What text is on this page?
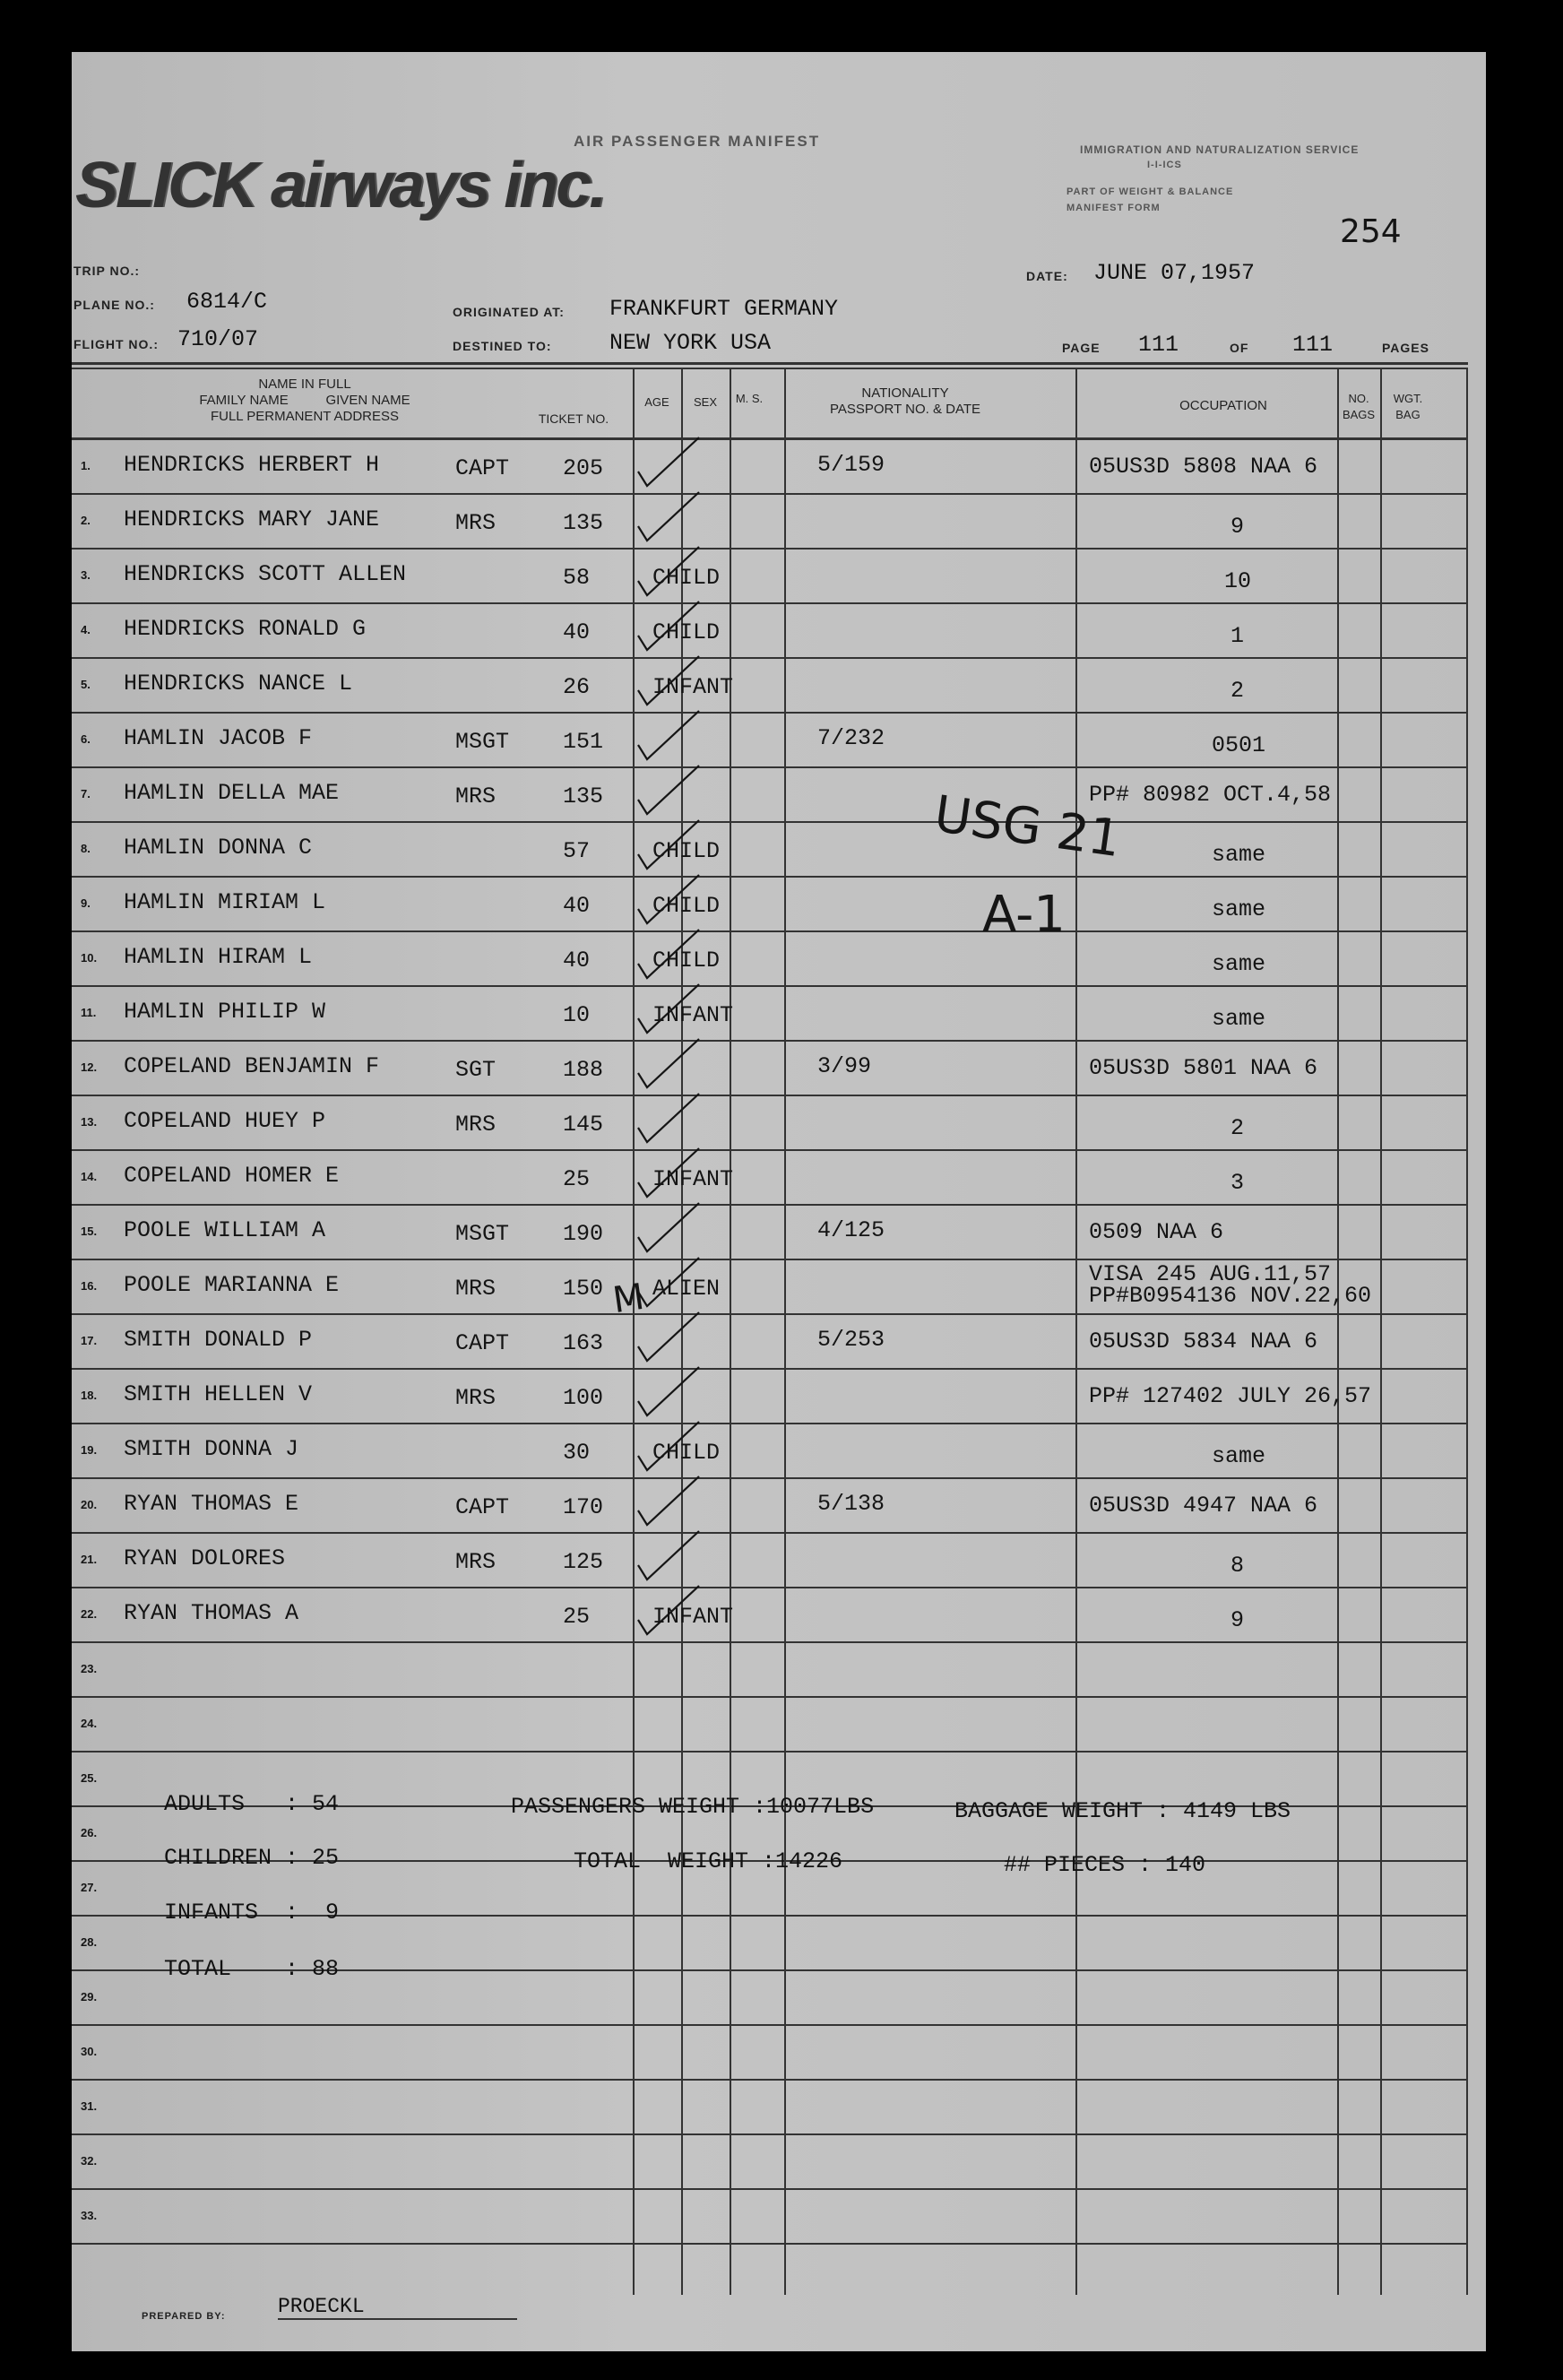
AIR PASSENGER MANIFEST
SLICK airways inc.	IMMIGRATION AND NATURALIZATION SERVICE
I-I-ICS
PART OF WEIGHT & BALANCE
MANIFEST FORM
254
TRIP NO.:
PLANE NO.: 6814/C
FLIGHT NO.: 710/07
ORIGINATED AT: FRANKFURT GERMANY
DESTINED TO:	NEW YORK USA
DATE: JUNE 07,1957
PAGE 111	OF 111	PAGES
NAME IN FULL
FAMILY NAME          GIVEN NAME
FULL PERMANENT ADDRESS	TICKET NO.
AGE	SEX	M. S.	NATIONALITY
PASSPORT NO. & DATE	OCCUPATION	NO. BAGS
WGT. BAG
1. HENDRICKS HERBERT H	CAPT 205	5/159	05US3D 5808 NAA 6
2. HENDRICKS MARY JANE	MRS	135	9
3. HENDRICKS SCOTT ALLEN	58	CHILD	10
4. HENDRICKS RONALD G	40	CHILD	1
5. HENDRICKS NANCE L	26	INFANT	2
6. HAMLIN JACOB F	MSGT 151	7/232	0501
7. HAMLIN DELLA MAE	MRS	135	PP# 80982 OCT.4,58
8. HAMLIN DONNA C	57	CHILD	same
9. HAMLIN MIRIAM L	40	CHILD	same
10. HAMLIN HIRAM L	40	CHILD	same
11. HAMLIN PHILIP W	10	INFANT	same
12. COPELAND BENJAMIN F	SGT	188	3/99	05US3D 5801 NAA 6
13. COPELAND HUEY P	MRS	145	2
14. COPELAND HOMER E	25	INFANT	3
15. POOLE WILLIAM A	MSGT 190	4/125	0509 NAA 6
16. POOLE MARIANNA E	MRS	150 ALIEN
VISA 245 AUG.11,57
PP#B0954136 NOV.22,60
17. SMITH DONALD P	CAPT 163	5/253	05US3D 5834 NAA 6
18. SMITH HELLEN V	MRS	100	PP# 127402 JULY 26,57
19. SMITH DONNA J	30	CHILD	same
20. RYAN THOMAS E	CAPT 170	5/138	05US3D 4947 NAA 6
21. RYAN DOLORES	MRS	125	8
22. RYAN THOMAS A	25	INFANT	9
23.
24.
25.
26.
27.
28.
29.
30.
31.
32.
33.
ADULTS   : 54
CHILDREN : 25
INFANTS  :  9
TOTAL    : 88
PASSENGERS WEIGHT :10077LBS	BAGGAGE WEIGHT : 4149 LBS
TOTAL  WEIGHT :14226	## PIECES : 140
USG 21
A-1
M
PREPARED BY:	PROECKL
